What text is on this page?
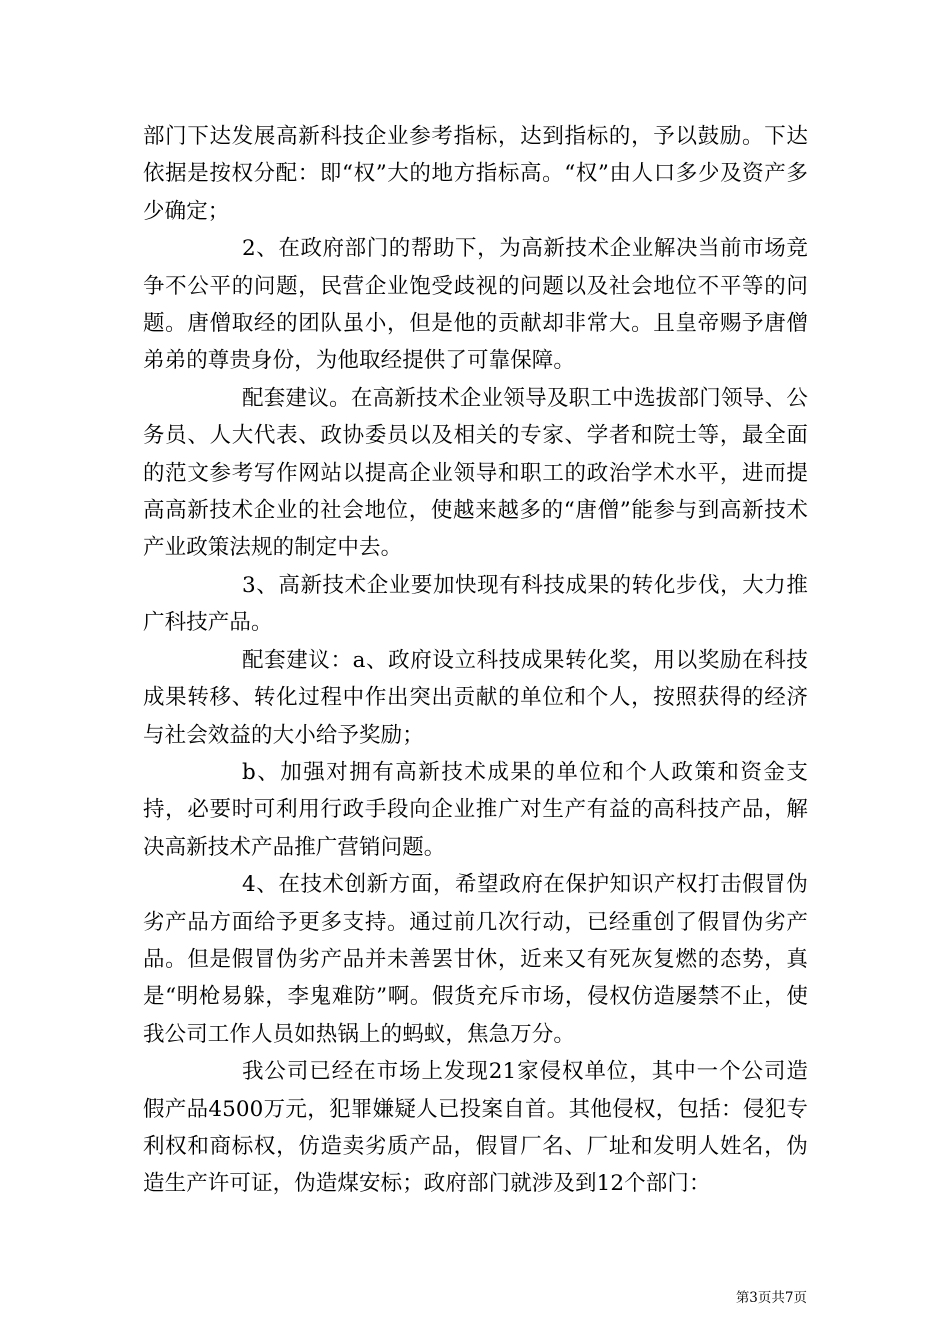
部门下达发展高新科技企业参考指标，达到指标的，予以鼓励。下达依据是按权分配：即“权”大的地方指标高。“权”由人口多少及资产多少确定；

2、在政府部门的帮助下，为高新技术企业解决当前市场竞争不公平的问题，民营企业饱受歧视的问题以及社会地位不平等的问题。唐僧取经的团队虽小，但是他的贡献却非常大。且皇帝赐予唐僧弟弟的尊贵身份，为他取经提供了可靠保障。

配套建议。在高新技术企业领导及职工中选拔部门领导、公务员、人大代表、政协委员以及相关的专家、学者和院士等，最全面的范文参考写作网站以提高企业领导和职工的政治学术水平，进而提高高新技术企业的社会地位，使越来越多的“唐僧”能参与到高新技术产业政策法规的制定中去。

3、高新技术企业要加快现有科技成果的转化步伐，大力推广科技产品。

配套建议：a、政府设立科技成果转化奖，用以奖励在科技成果转移、转化过程中作出突出贡献的单位和个人，按照获得的经济与社会效益的大小给予奖励；

b、加强对拥有高新技术成果的单位和个人政策和资金支持，必要时可利用行政手段向企业推广对生产有益的高科技产品，解决高新技术产品推广营销问题。

4、在技术创新方面，希望政府在保护知识产权打击假冒伪劣产品方面给予更多支持。通过前几次行动，已经重创了假冒伪劣产品。但是假冒伪劣产品并未善罢甘休，近来又有死灰复燃的态势，真是“明枪易躲，李鬼难防”啊。假货充斥市场，侵权仿造屡禁不止，使我公司工作人员如热锅上的蚂蚁，焦急万分。

我公司已经在市场上发现21家侵权单位，其中一个公司造假产品4500万元，犯罪嫌疑人已投案自首。其他侵权，包括：侵犯专利权和商标权，仿造卖劣质产品，假冒厂名、厂址和发明人姓名，伪造生产许可证，伪造煤安标；政府部门就涉及到12个部门：

第3页共7页
